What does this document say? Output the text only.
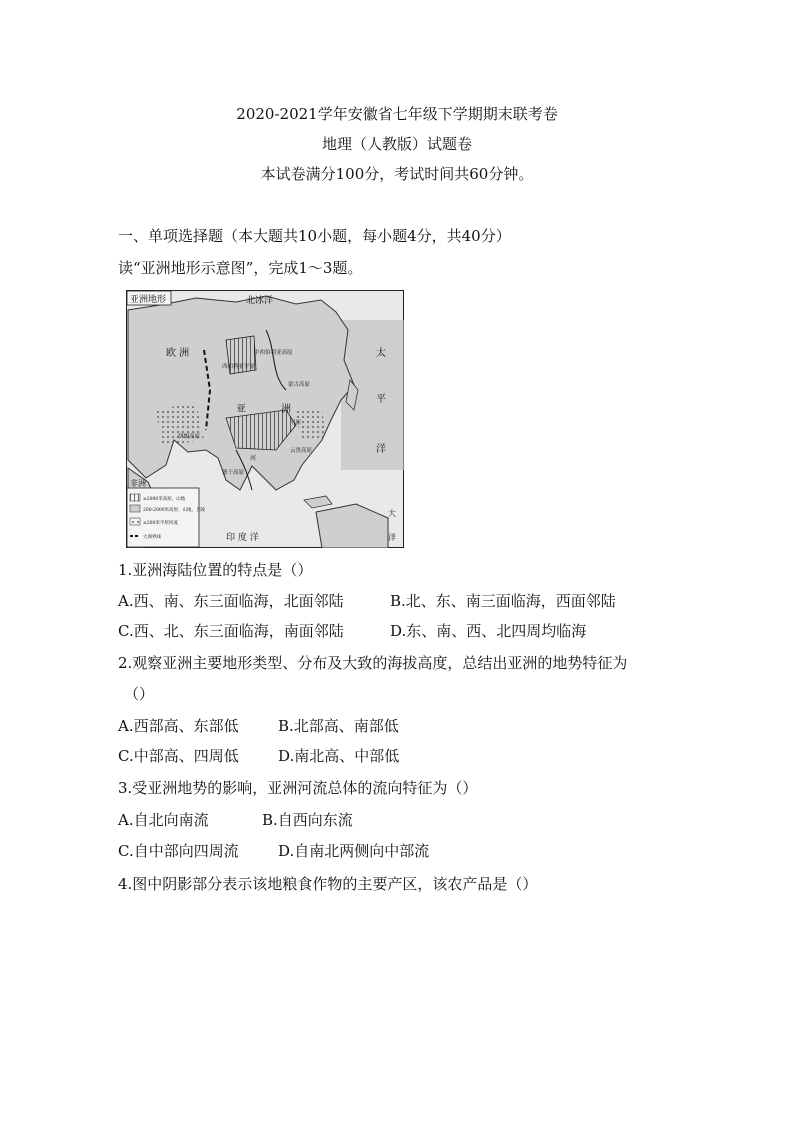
2020-2021学年安徽省七年级下学期期末联考卷
地理（人教版）试题卷
本试卷满分100分，考试时间共60分钟。
一、单项选择题（本大题共10小题，每小题4分，共40分）
读“亚洲地形示意图”，完成1～3题。
亚洲地形	北冰洋
欧 洲	太
平
洋
亚	洲
中西伯利亚高原
西伯利亚平原
蒙古高原
伊朗高原
德干高原
云贵高原
平原
河
非洲
≥2000米高原、山地
200-2000米高原、山地、丘陵
≤200米平原河流
大洲界线	印 度 洋
大
洋
1.亚洲海陆位置的特点是（）
A.西、南、东三面临海，北面邻陆	B.北、东、南三面临海，西面邻陆
C.西、北、东三面临海，南面邻陆	D.东、南、西、北四周均临海
2.观察亚洲主要地形类型、分布及大致的海拔高度，总结出亚洲的地势特征为
（）
A.西部高、东部低	B.北部高、南部低
C.中部高、四周低	D.南北高、中部低
3.受亚洲地势的影响，亚洲河流总体的流向特征为（）
A.自北向南流	B.自西向东流
C.自中部向四周流	D.自南北两侧向中部流
4.图中阴影部分表示该地粮食作物的主要产区，该农产品是（）
